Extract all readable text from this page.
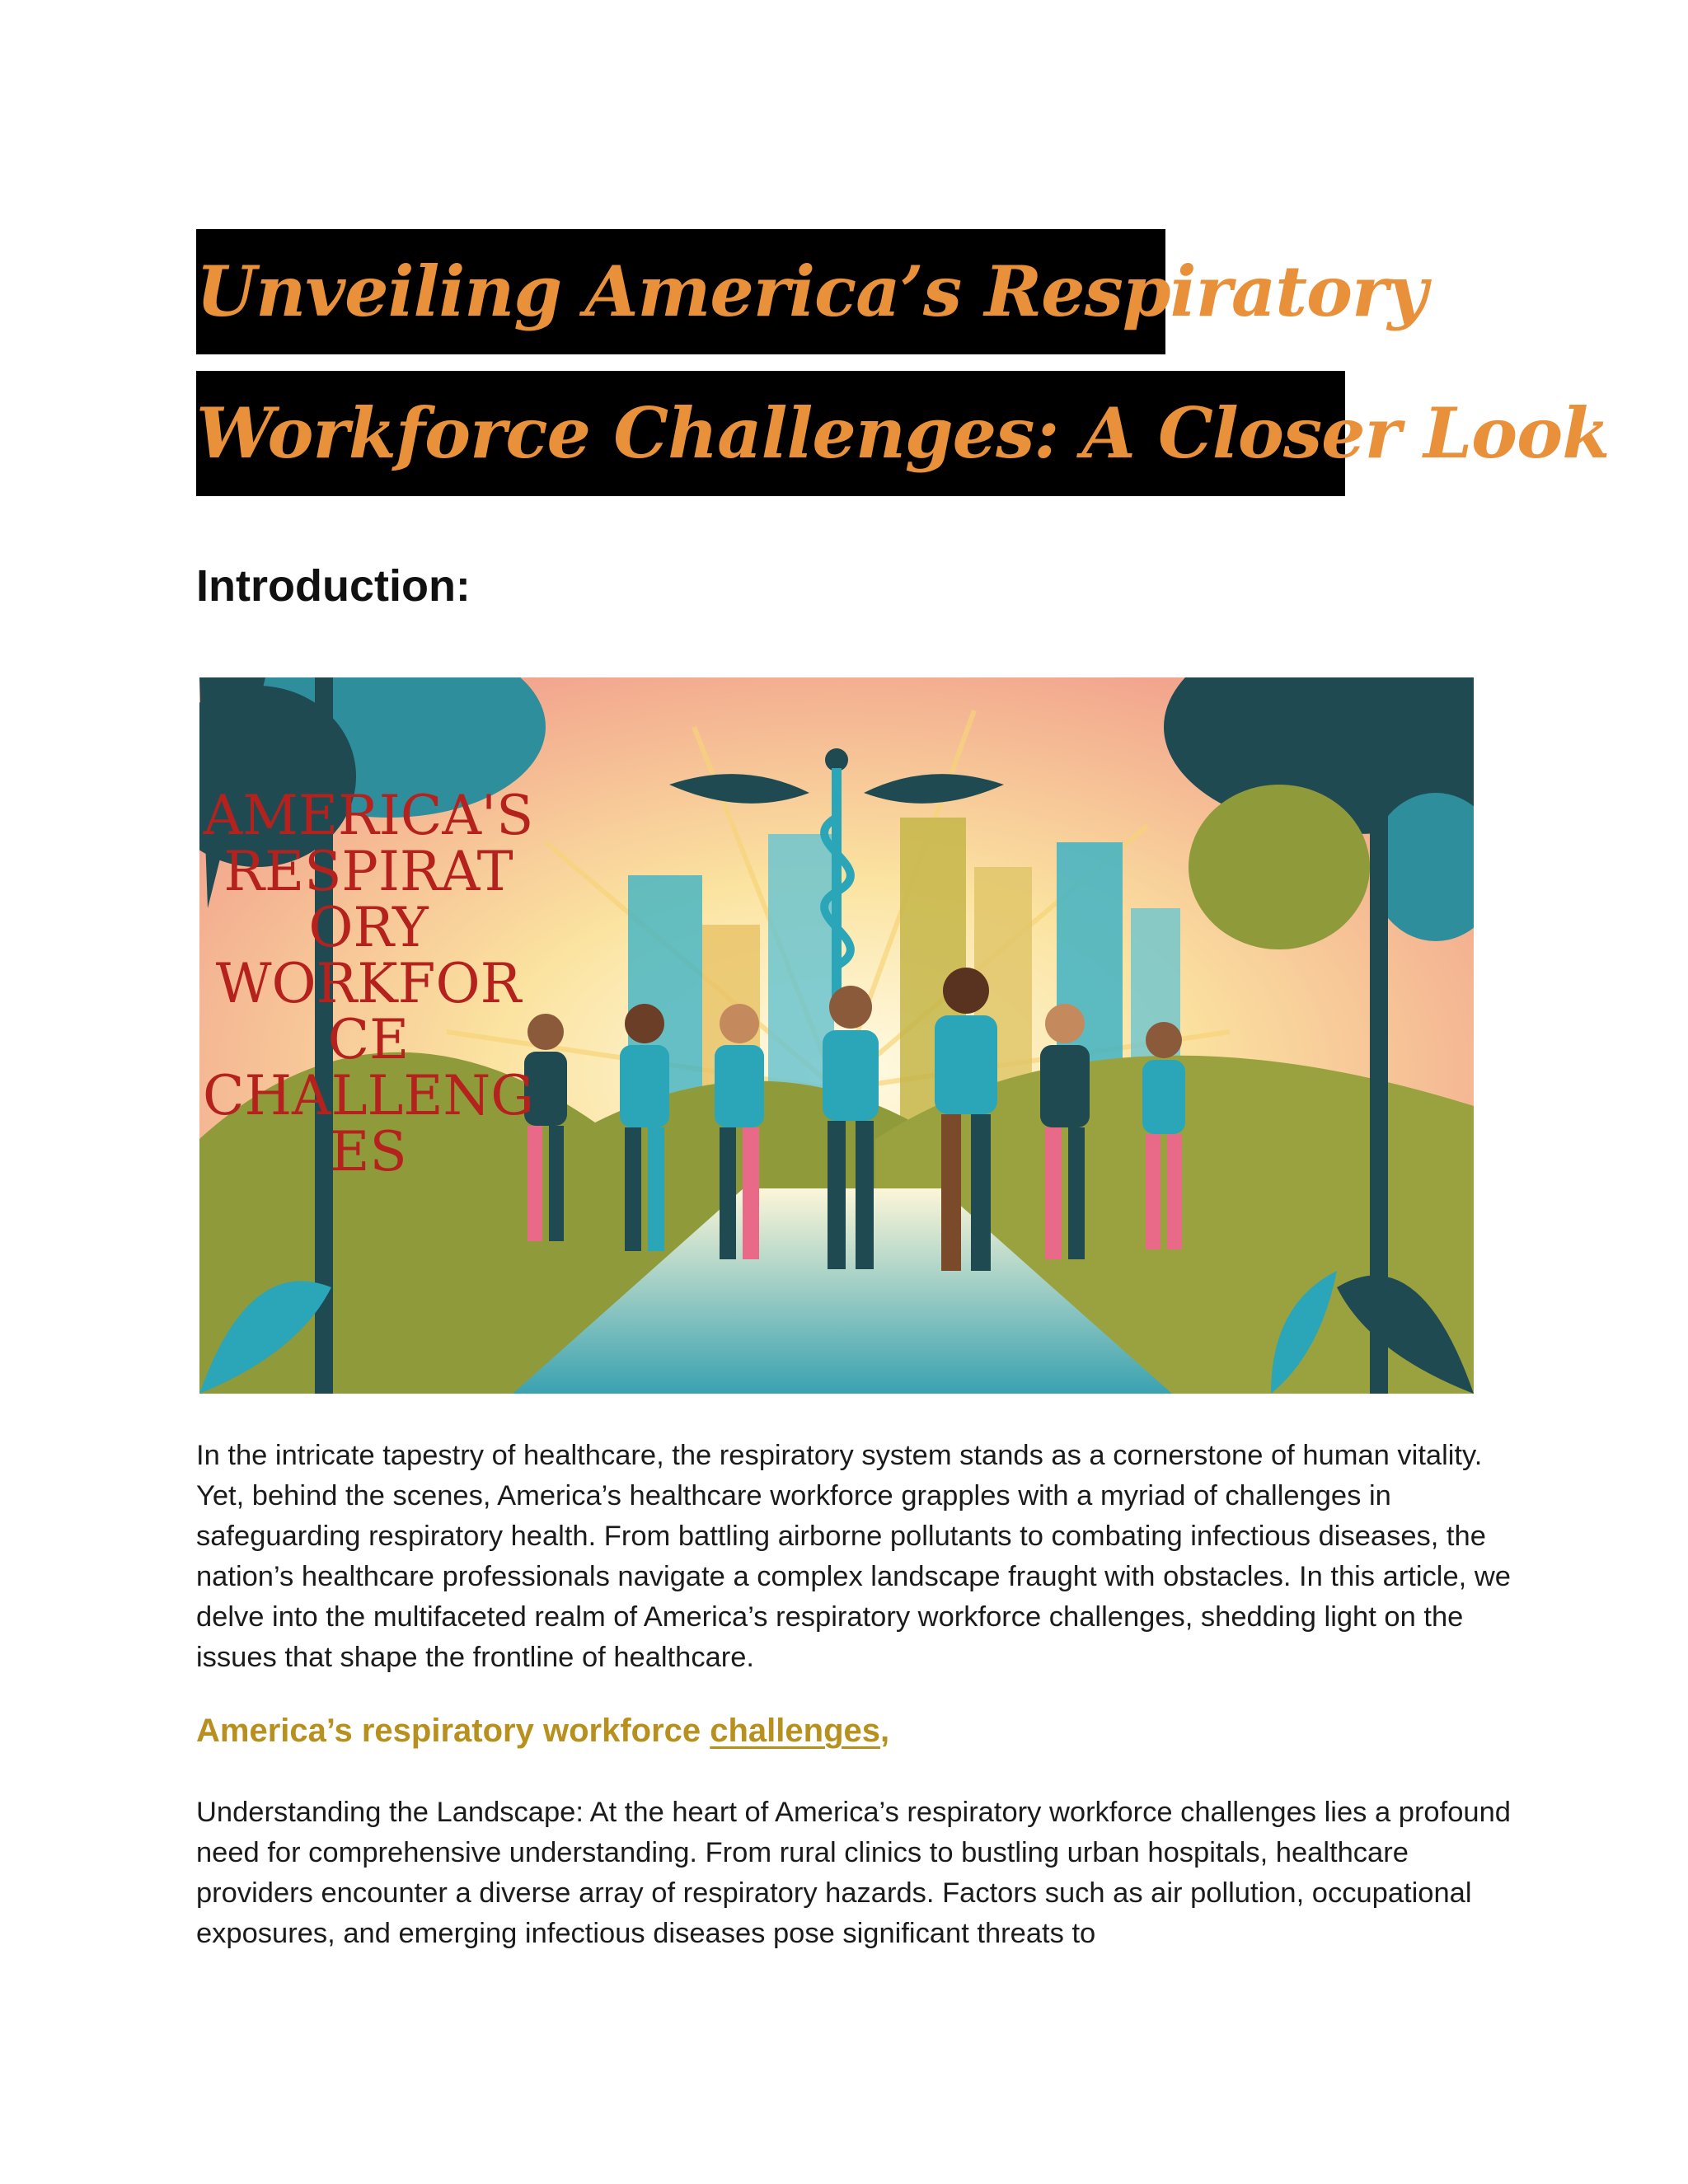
Unveiling America’s Respiratory
Workforce Challenges: A Closer Look
Introduction:
AMERICA'S
RESPIRAT
ORY
WORKFOR
CE
CHALLENG
ES

In the intricate tapestry of healthcare, the respiratory system stands as a cornerstone of human vitality. Yet, behind the scenes, America’s healthcare workforce grapples with a myriad of challenges in safeguarding respiratory health. From battling airborne pollutants to combating infectious diseases, the nation’s healthcare professionals navigate a complex landscape fraught with obstacles. In this article, we delve into the multifaceted realm of America’s respiratory workforce challenges, shedding light on the issues that shape the frontline of healthcare.

America’s respiratory workforce challenges,

Understanding the Landscape: At the heart of America’s respiratory workforce challenges lies a profound need for comprehensive understanding. From rural clinics to bustling urban hospitals, healthcare providers encounter a diverse array of respiratory hazards. Factors such as air pollution, occupational exposures, and emerging infectious diseases pose significant threats to
